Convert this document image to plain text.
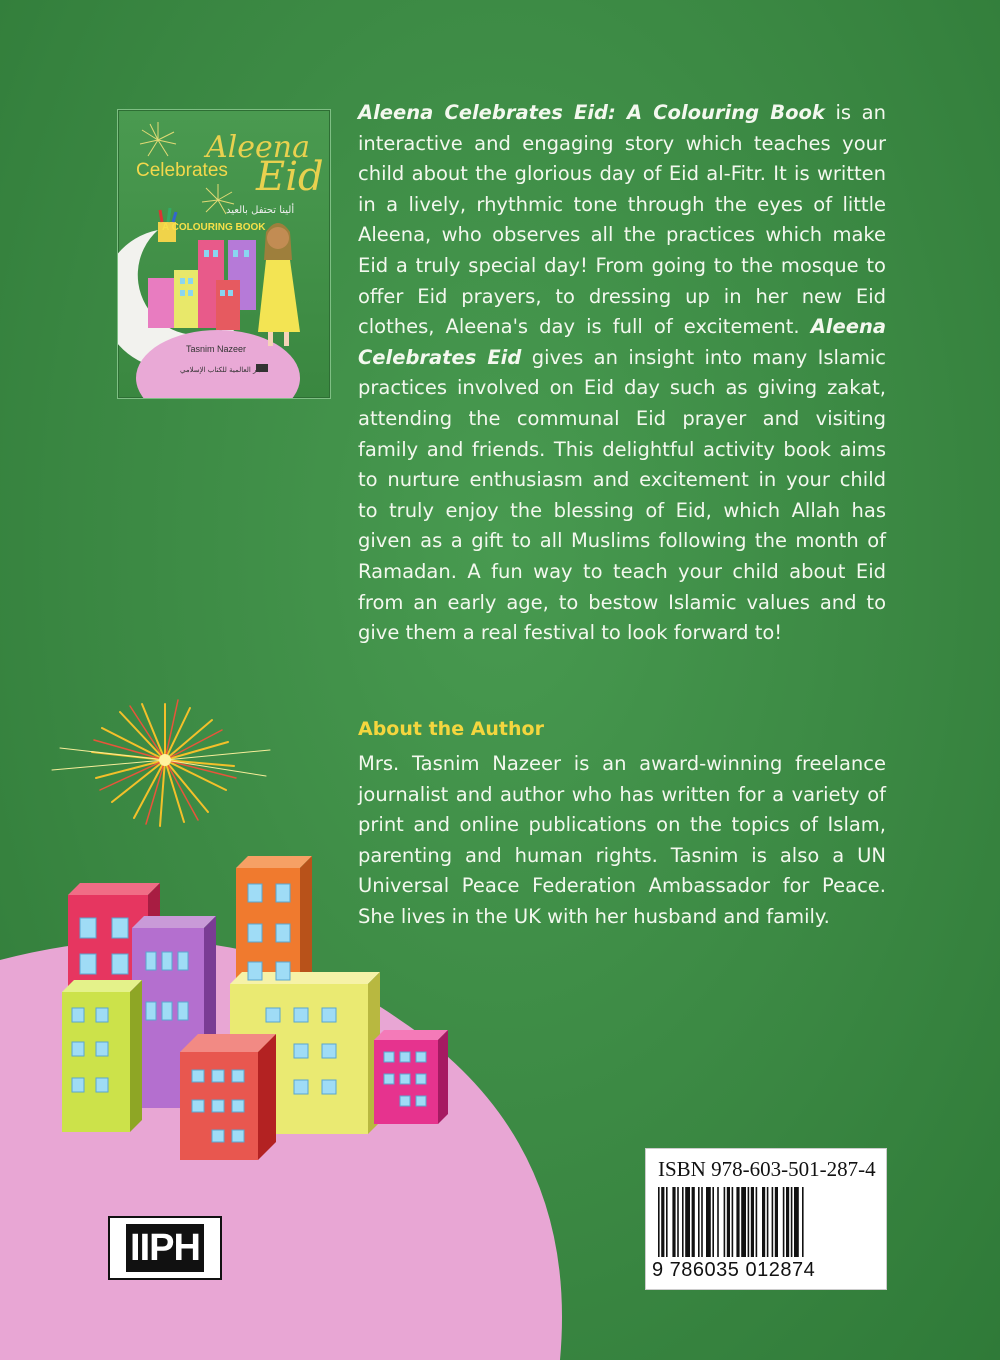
Aleena
Celebrates Eid
ألينا تحتفل بالعيد
A COLOURING BOOK
Tasnim Nazeer
الدار العالمية للكتاب الإسلامي
Aleena Celebrates Eid: A Colouring Book is an interactive and engaging story which teaches your child about the glorious day of Eid al-Fitr. It is written in a lively, rhythmic tone through the eyes of little Aleena, who observes all the practices which make Eid a truly special day! From going to the mosque to offer Eid prayers, to dressing up in her new Eid clothes, Aleena's day is full of excitement. Aleena Celebrates Eid gives an insight into many Islamic practices involved on Eid day such as giving zakat, attending the communal Eid prayer and visiting family and friends. This delightful activity book aims to nurture enthusiasm and excitement in your child to truly enjoy the blessing of Eid, which Allah has given as a gift to all Muslims following the month of Ramadan. A fun way to teach your child about Eid from an early age, to bestow Islamic values and to give them a real festival to look forward to!
About the Author
Mrs. Tasnim Nazeer is an award-winning freelance journalist and author who has written for a variety of print and online publications on the topics of Islam, parenting and human rights. Tasnim is also a UN Universal Peace Federation Ambassador for Peace. She lives in the UK with her husband and family.
IIPH
ISBN 978-603-501-287-4
9 786035 012874
